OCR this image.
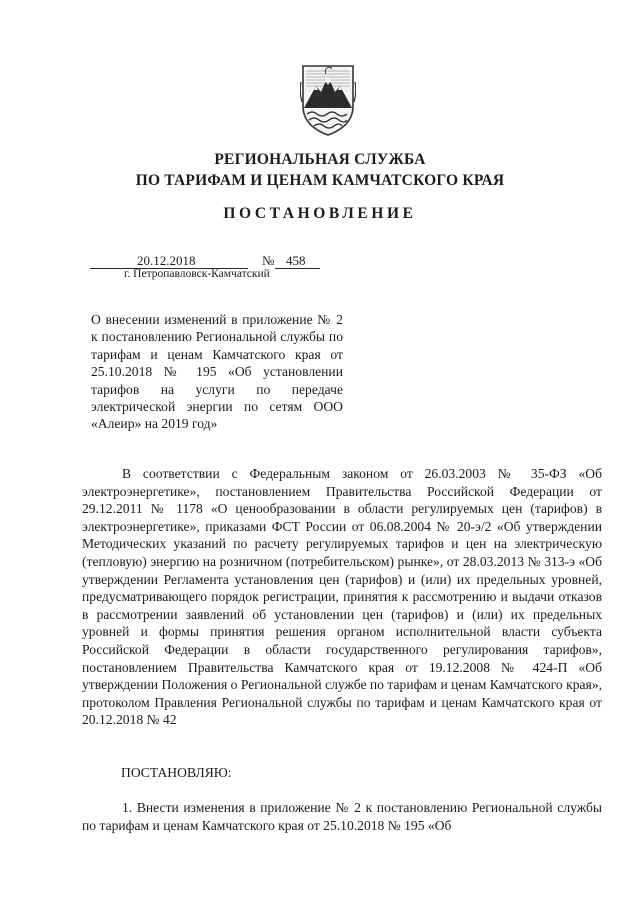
РЕГИОНАЛЬНАЯ СЛУЖБА
ПО ТАРИФАМ И ЦЕНАМ КАМЧАТСКОГО КРАЯ
ПОСТАНОВЛЕНИЕ
20.12.2018	№ 458
г. Петропавловск-Камчатский
О внесении изменений в приложение № 2 к постановлению Региональной службы по тарифам и ценам Камчатского края от 25.10.2018 № 195 «Об установлении тарифов на услуги по передаче электрической энергии по сетям ООО «Алеир» на 2019 год»
В соответствии с Федеральным законом от 26.03.2003 № 35-ФЗ «Об электроэнергетике», постановлением Правительства Российской Федерации от 29.12.2011 № 1178 «О ценообразовании в области регулируемых цен (тарифов) в электроэнергетике», приказами ФСТ России от 06.08.2004 № 20-э/2 «Об утверждении Методических указаний по расчету регулируемых тарифов и цен на электрическую (тепловую) энергию на розничном (потребительском) рынке», от 28.03.2013 № 313-э «Об утверждении Регламента установления цен (тарифов) и (или) их предельных уровней, предусматривающего порядок регистрации, принятия к рассмотрению и выдачи отказов в рассмотрении заявлений об установлении цен (тарифов) и (или) их предельных уровней и формы принятия решения органом исполнительной власти субъекта Российской Федерации в области государственного регулирования тарифов», постановлением Правительства Камчатского края от 19.12.2008 № 424-П «Об утверждении Положения о Региональной службе по тарифам и ценам Камчатского края», протоколом Правления Региональной службы по тарифам и ценам Камчатского края от 20.12.2018 № 42
ПОСТАНОВЛЯЮ:
1. Внести изменения в приложение № 2 к постановлению Региональной службы по тарифам и ценам Камчатского края от 25.10.2018 № 195 «Об
